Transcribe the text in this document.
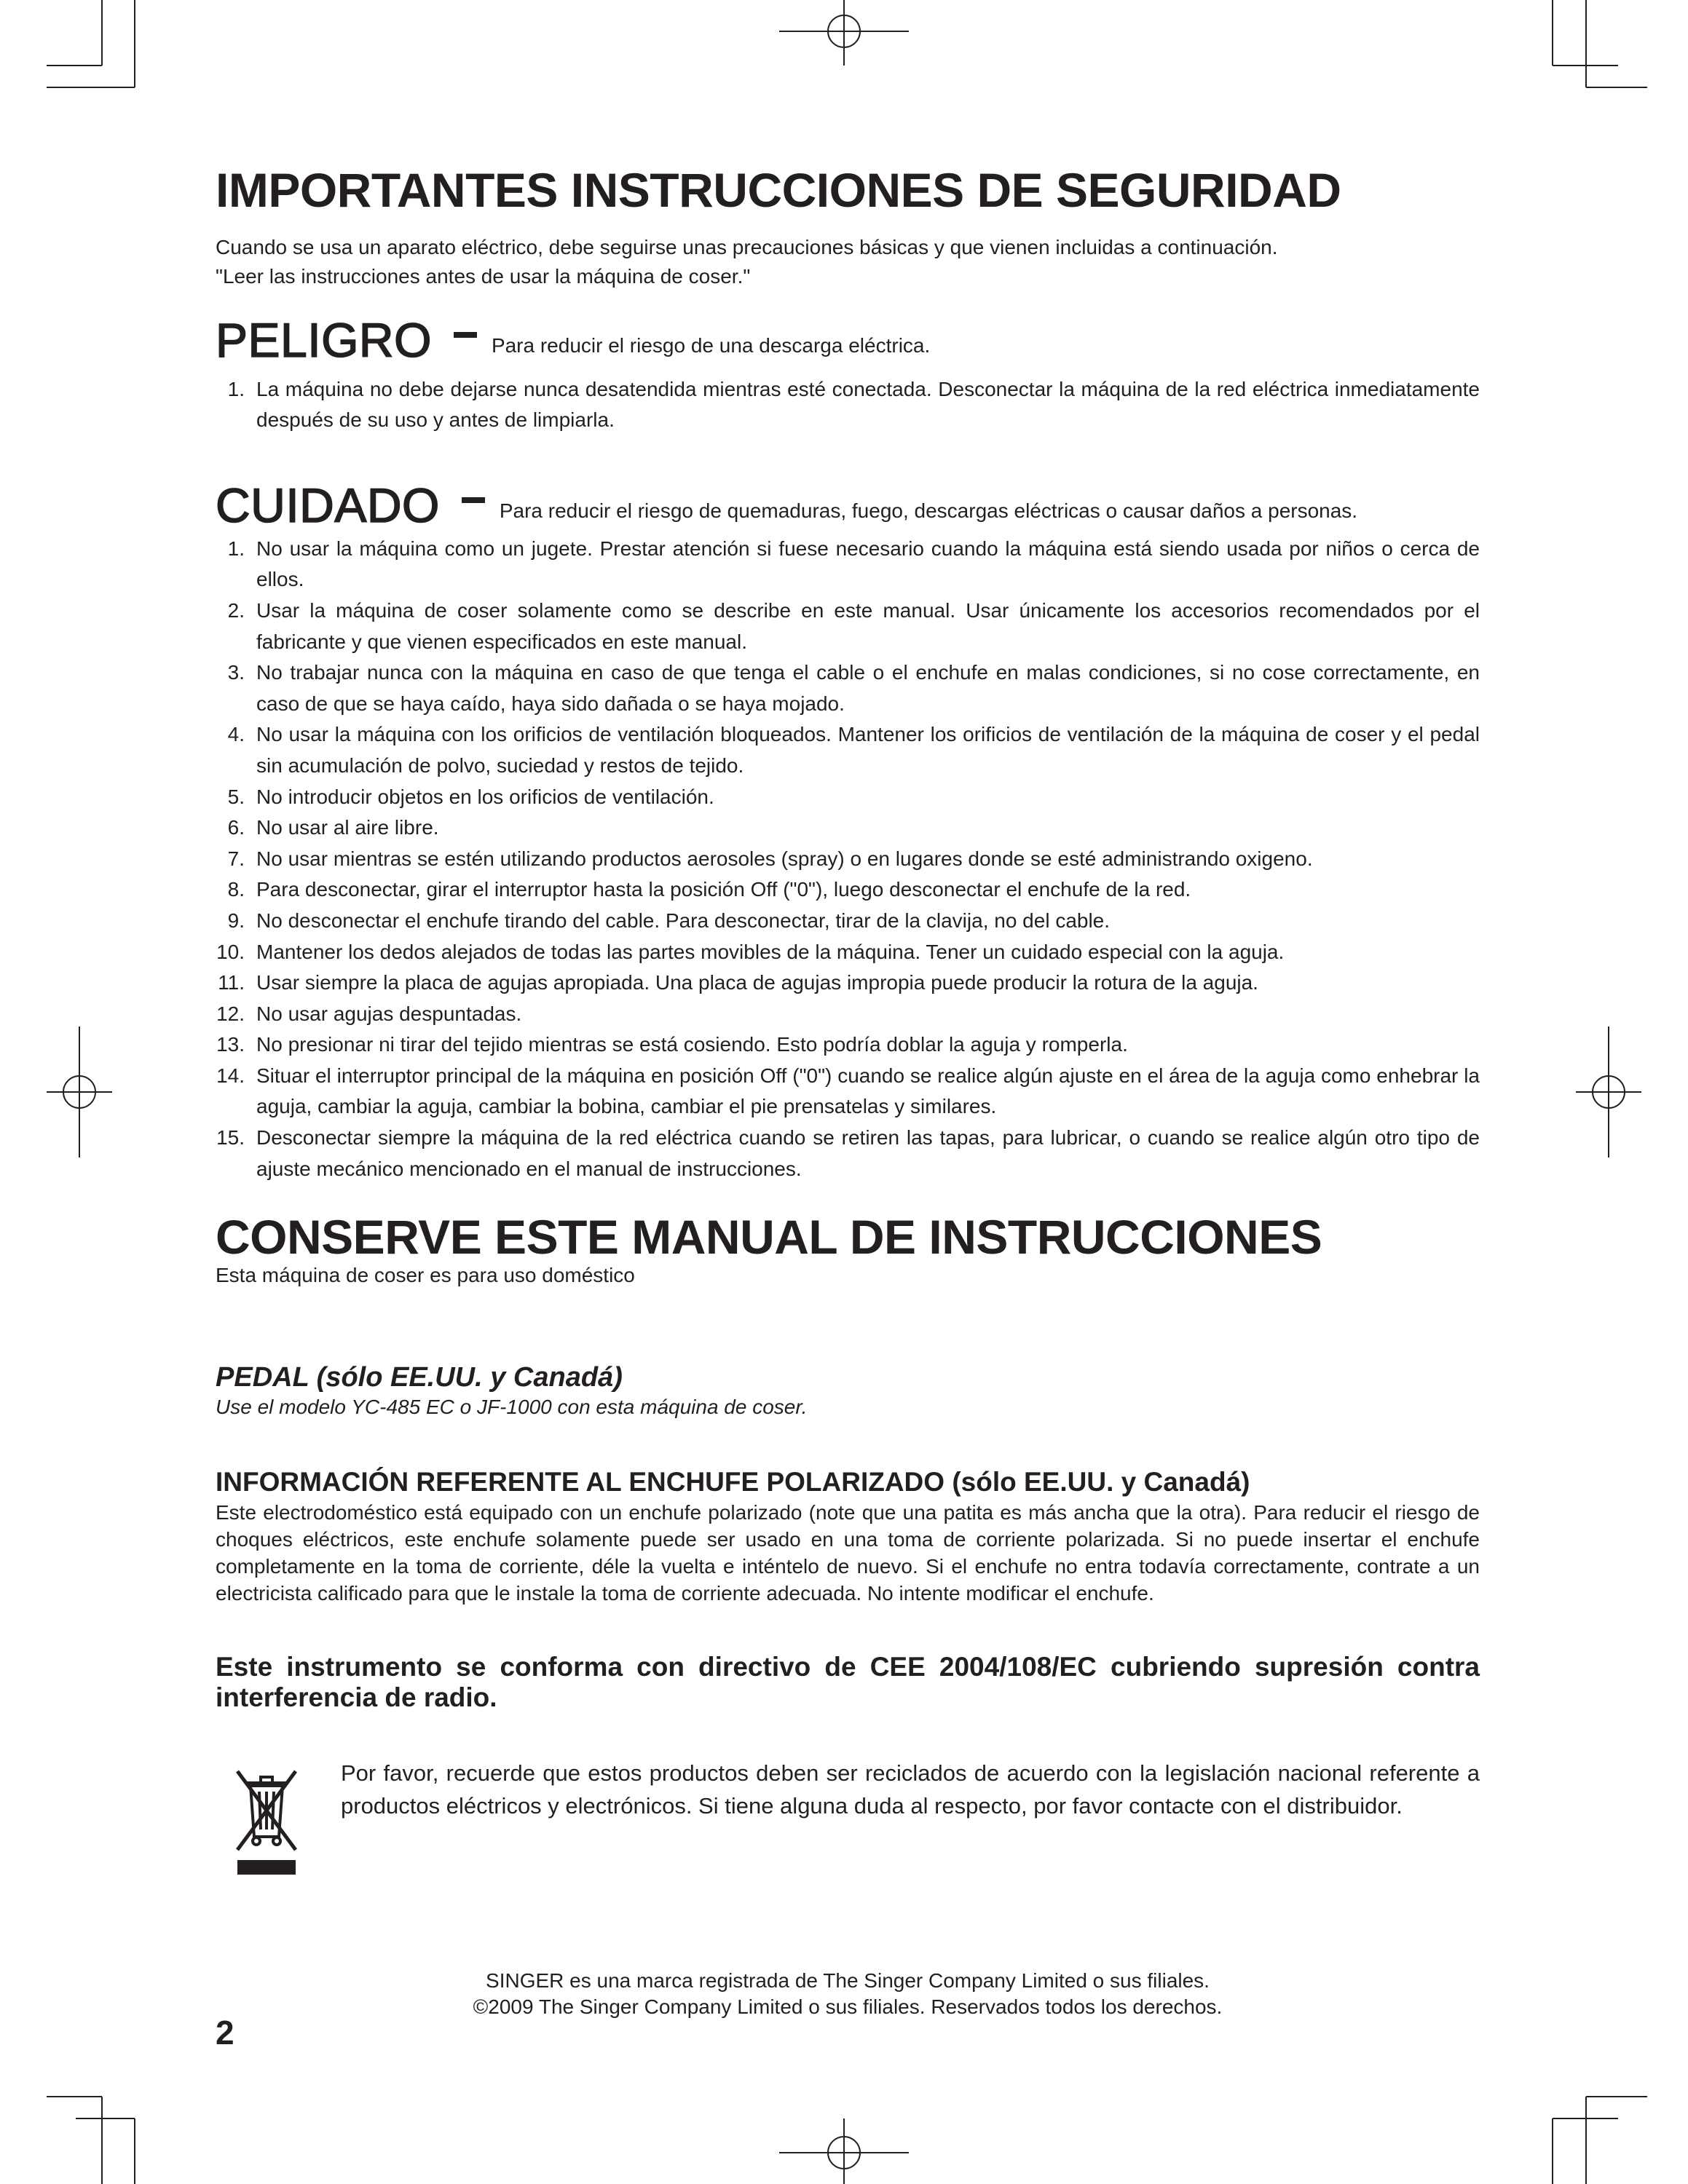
IMPORTANTES INSTRUCCIONES DE SEGURIDAD
Cuando se usa un aparato eléctrico, debe seguirse unas precauciones básicas y que vienen incluidas a continuación.
"Leer las instrucciones antes de usar la máquina de coser."
PELIGRO	Para reducir el riesgo de una descarga eléctrica.
1. La máquina no debe dejarse nunca desatendida mientras esté conectada. Desconectar la máquina de la red eléctrica inmediatamente después de su uso y antes de limpiarla.
CUIDADO	Para reducir el riesgo de quemaduras, fuego, descargas eléctricas o causar daños a personas.
1. No usar la máquina como un jugete. Prestar atención si fuese necesario cuando la máquina está siendo usada por niños o cerca de ellos.
2. Usar la máquina de coser solamente como se describe en este manual. Usar únicamente los accesorios recomendados por el fabricante y que vienen especificados en este manual.
3. No trabajar nunca con la máquina en caso de que tenga el cable o el enchufe en malas condiciones, si no cose correctamente, en caso de que se haya caído, haya sido dañada o se haya mojado.
4. No usar la máquina con los orificios de ventilación bloqueados. Mantener los orificios de ventilación de la máquina de coser y el pedal sin acumulación de polvo, suciedad y restos de tejido.
5. No introducir objetos en los orificios de ventilación.
6. No usar al aire libre.
7. No usar mientras se estén utilizando productos aerosoles (spray) o en lugares donde se esté administrando oxigeno.
8. Para desconectar, girar el interruptor hasta la posición Off ("0"), luego desconectar el enchufe de la red.
9. No desconectar el enchufe tirando del cable. Para desconectar, tirar de la clavija, no del cable.
10. Mantener los dedos alejados de todas las partes movibles de la máquina. Tener un cuidado especial con la aguja.
11. Usar siempre la placa de agujas apropiada. Una placa de agujas impropia puede producir la rotura de la aguja.
12. No usar agujas despuntadas.
13. No presionar ni tirar del tejido mientras se está cosiendo. Esto podría doblar la aguja y romperla.
14. Situar el interruptor principal de la máquina en posición Off ("0") cuando se realice algún ajuste en el área de la aguja como enhebrar la aguja, cambiar la aguja, cambiar la bobina, cambiar el pie prensatelas y similares.
15. Desconectar siempre la máquina de la red eléctrica cuando se retiren las tapas, para lubricar, o cuando se realice algún otro tipo de ajuste mecánico mencionado en el manual de instrucciones.
CONSERVE ESTE MANUAL DE INSTRUCCIONES
Esta máquina de coser es para uso doméstico
PEDAL (sólo EE.UU. y Canadá)
Use el modelo YC-485 EC o JF-1000 con esta máquina de coser.
INFORMACIÓN REFERENTE AL ENCHUFE POLARIZADO (sólo EE.UU. y Canadá)
Este electrodoméstico está equipado con un enchufe polarizado (note que una patita es más ancha que la otra). Para reducir el riesgo de choques eléctricos, este enchufe solamente puede ser usado en una toma de corriente polarizada. Si no puede insertar el enchufe completamente en la toma de corriente, déle la vuelta e inténtelo de nuevo. Si el enchufe no entra todavía correctamente, contrate a un electricista calificado para que le instale la toma de corriente adecuada. No intente modificar el enchufe.
Este instrumento se conforma con directivo de CEE 2004/108/EC cubriendo supresión contra interferencia de radio.
Por favor, recuerde que estos productos deben ser reciclados de acuerdo con la legislación nacional referente a productos eléctricos y electrónicos. Si tiene alguna duda al respecto, por favor contacte con el distribuidor.
SINGER es una marca registrada de The Singer Company Limited o sus filiales.
©2009 The Singer Company Limited o sus filiales. Reservados todos los derechos.
2
